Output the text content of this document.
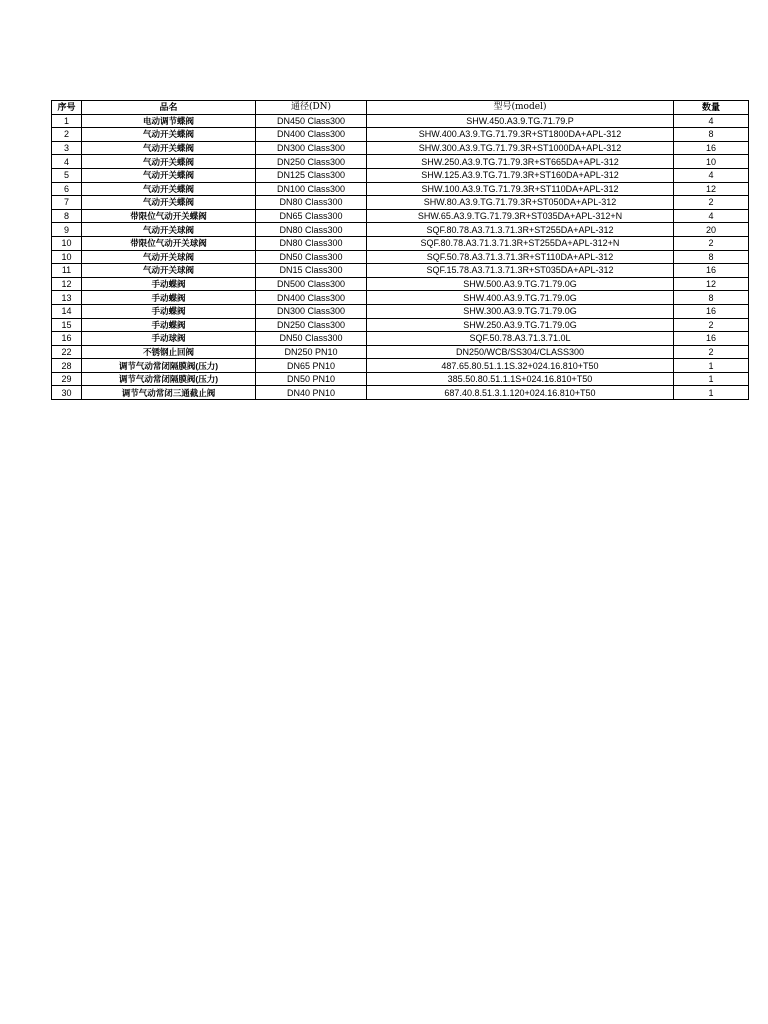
序号	品名	通径(DN)	型号(model)	数量
1	电动调节蝶阀	DN450 Class300	SHW.450.A3.9.TG.71.79.P	4
2	气动开关蝶阀	DN400 Class300	SHW.400.A3.9.TG.71.79.3R+ST1800DA+APL-312	8
3	气动开关蝶阀	DN300 Class300	SHW.300.A3.9.TG.71.79.3R+ST1000DA+APL-312	16
4	气动开关蝶阀	DN250 Class300	SHW.250.A3.9.TG.71.79.3R+ST665DA+APL-312	10
5	气动开关蝶阀	DN125 Class300	SHW.125.A3.9.TG.71.79.3R+ST160DA+APL-312	4
6	气动开关蝶阀	DN100 Class300	SHW.100.A3.9.TG.71.79.3R+ST110DA+APL-312	12
7	气动开关蝶阀	DN80 Class300	SHW.80.A3.9.TG.71.79.3R+ST050DA+APL-312	2
8	带限位气动开关蝶阀	DN65 Class300	SHW.65.A3.9.TG.71.79.3R+ST035DA+APL-312+N	4
9	气动开关球阀	DN80 Class300	SQF.80.78.A3.71.3.71.3R+ST255DA+APL-312	20
10	带限位气动开关球阀	DN80 Class300	SQF.80.78.A3.71.3.71.3R+ST255DA+APL-312+N	2
10	气动开关球阀	DN50 Class300	SQF.50.78.A3.71.3.71.3R+ST110DA+APL-312	8
11	气动开关球阀	DN15 Class300	SQF.15.78.A3.71.3.71.3R+ST035DA+APL-312	16
12	手动蝶阀	DN500 Class300	SHW.500.A3.9.TG.71.79.0G	12
13	手动蝶阀	DN400 Class300	SHW.400.A3.9.TG.71.79.0G	8
14	手动蝶阀	DN300 Class300	SHW.300.A3.9.TG.71.79.0G	16
15	手动蝶阀	DN250 Class300	SHW.250.A3.9.TG.71.79.0G	2
16	手动球阀	DN50 Class300	SQF.50.78.A3.71.3.71.0L	16
22	不锈钢止回阀	DN250 PN10	DN250/WCB/SS304/CLASS300	2
28	调节气动常闭隔膜阀(压力)	DN65 PN10	487.65.80.51.1.1S.32+024.16.810+T50	1
29	调节气动常闭隔膜阀(压力)	DN50 PN10	385.50.80.51.1.1S+024.16.810+T50	1
30	调节气动常闭三通截止阀	DN40 PN10	687.40.8.51.3.1.120+024.16.810+T50	1
